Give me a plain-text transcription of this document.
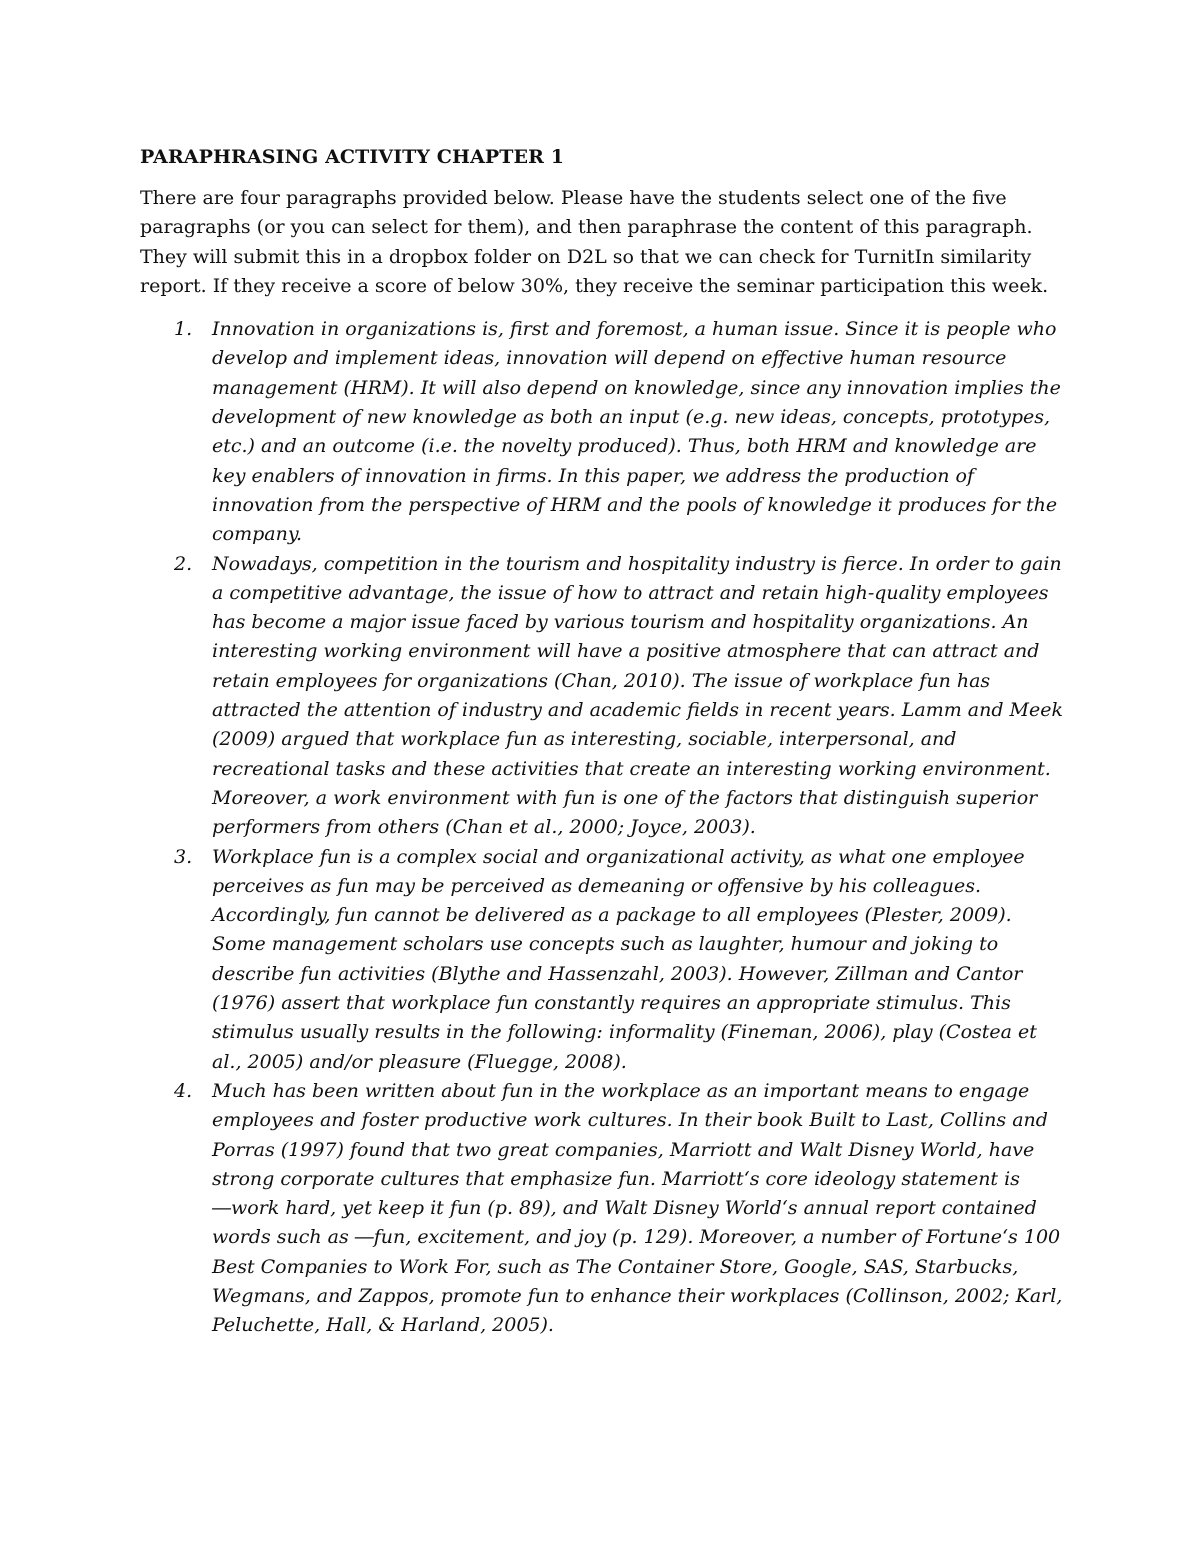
PARAPHRASING ACTIVITY CHAPTER 1
There are four paragraphs provided below. Please have the students select one of the five paragraphs (or you can select for them), and then paraphrase the content of this paragraph. They will submit this in a dropbox folder on D2L so that we can check for TurnitIn similarity report. If they receive a score of below 30%, they receive the seminar participation this week.
1. Innovation in organizations is, first and foremost, a human issue. Since it is people who develop and implement ideas, innovation will depend on effective human resource management (HRM). It will also depend on knowledge, since any innovation implies the development of new knowledge as both an input (e.g. new ideas, concepts, prototypes, etc.) and an outcome (i.e. the novelty produced). Thus, both HRM and knowledge are key enablers of innovation in firms. In this paper, we address the production of innovation from the perspective of HRM and the pools of knowledge it produces for the company.
2. Nowadays, competition in the tourism and hospitality industry is fierce. In order to gain a competitive advantage, the issue of how to attract and retain high-quality employees has become a major issue faced by various tourism and hospitality organizations. An interesting working environment will have a positive atmosphere that can attract and retain employees for organizations (Chan, 2010). The issue of workplace fun has attracted the attention of industry and academic fields in recent years. Lamm and Meek (2009) argued that workplace fun as interesting, sociable, interpersonal, and recreational tasks and these activities that create an interesting working environment. Moreover, a work environment with fun is one of the factors that distinguish superior performers from others (Chan et al., 2000; Joyce, 2003).
3. Workplace fun is a complex social and organizational activity, as what one employee perceives as fun may be perceived as demeaning or offensive by his colleagues. Accordingly, fun cannot be delivered as a package to all employees (Plester, 2009). Some management scholars use concepts such as laughter, humour and joking to describe fun activities (Blythe and Hassenzahl, 2003). However, Zillman and Cantor (1976) assert that workplace fun constantly requires an appropriate stimulus. This stimulus usually results in the following: informality (Fineman, 2006), play (Costea et al., 2005) and/or pleasure (Fluegge, 2008).
4. Much has been written about fun in the workplace as an important means to engage employees and foster productive work cultures. In their book Built to Last, Collins and Porras (1997) found that two great companies, Marriott and Walt Disney World, have strong corporate cultures that emphasize fun. Marriott‘s core ideology statement is ―work hard, yet keep it fun (p. 89), and Walt Disney World‘s annual report contained words such as ―fun, excitement, and joy (p. 129). Moreover, a number of Fortune‘s 100 Best Companies to Work For, such as The Container Store, Google, SAS, Starbucks, Wegmans, and Zappos, promote fun to enhance their workplaces (Collinson, 2002; Karl, Peluchette, Hall, & Harland, 2005).
